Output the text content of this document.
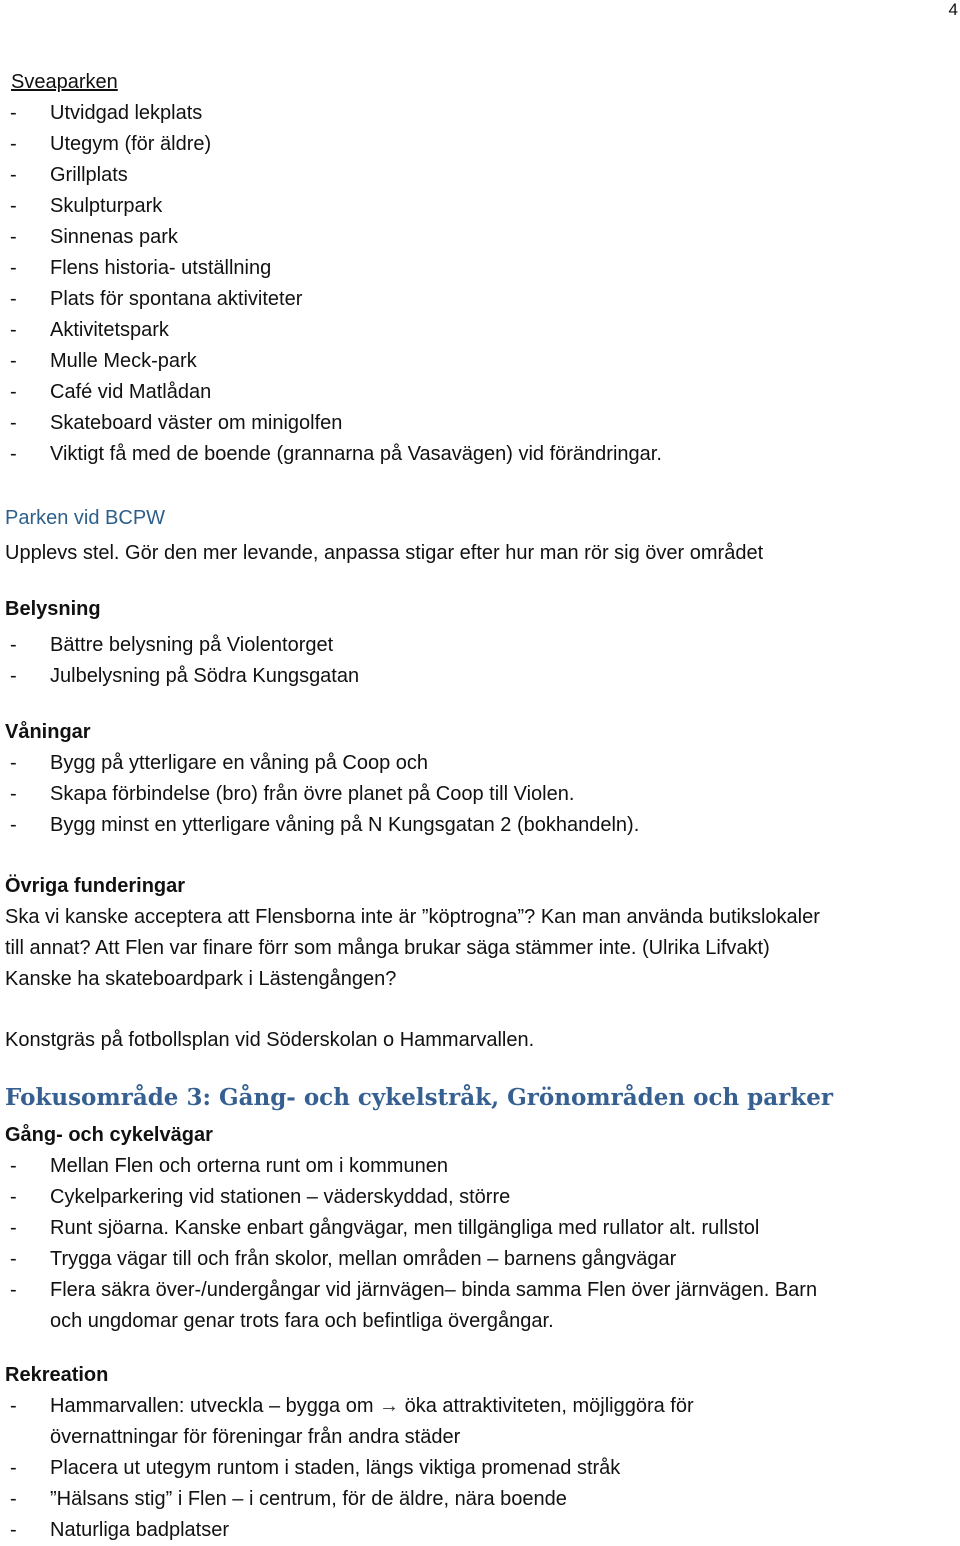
4
Sveaparken
- Utvidgad lekplats
- Utegym (för äldre)
- Grillplats
- Skulpturpark
- Sinnenas park
- Flens historia- utställning
- Plats för spontana aktiviteter
- Aktivitetspark
- Mulle Meck-park
- Café vid Matlådan
- Skateboard väster om minigolfen
- Viktigt få med de boende (grannarna på Vasavägen) vid förändringar.
Parken vid BCPW
Upplevs stel. Gör den mer levande, anpassa stigar efter hur man rör sig över området
Belysning
- Bättre belysning på Violentorget
- Julbelysning på Södra Kungsgatan
Våningar
- Bygg på ytterligare en våning på Coop och
- Skapa förbindelse (bro) från övre planet på Coop till Violen.
- Bygg minst en ytterligare våning på N Kungsgatan 2 (bokhandeln).
Övriga funderingar
Ska vi kanske acceptera att Flensborna inte är ”köptrogna”? Kan man använda butikslokaler
till annat? Att Flen var finare förr som många brukar säga stämmer inte. (Ulrika Lifvakt)
Kanske ha skateboardpark i Lästengången?
Konstgräs på fotbollsplan vid Söderskolan o Hammarvallen.
Fokusområde 3: Gång- och cykelstråk, Grönområden och parker
Gång- och cykelvägar
- Mellan Flen och orterna runt om i kommunen
- Cykelparkering vid stationen – väderskyddad, större
- Runt sjöarna. Kanske enbart gångvägar, men tillgängliga med rullator alt. rullstol
- Trygga vägar till och från skolor, mellan områden – barnens gångvägar
- Flera säkra över-/undergångar vid järnvägen– binda samma Flen över järnvägen. Barn
och ungdomar genar trots fara och befintliga övergångar.
Rekreation
- Hammarvallen: utveckla – bygga om → öka attraktiviteten, möjliggöra för
övernattningar för föreningar från andra städer
- Placera ut utegym runtom i staden, längs viktiga promenad stråk
- ”Hälsans stig” i Flen – i centrum, för de äldre, nära boende
- Naturliga badplatser
